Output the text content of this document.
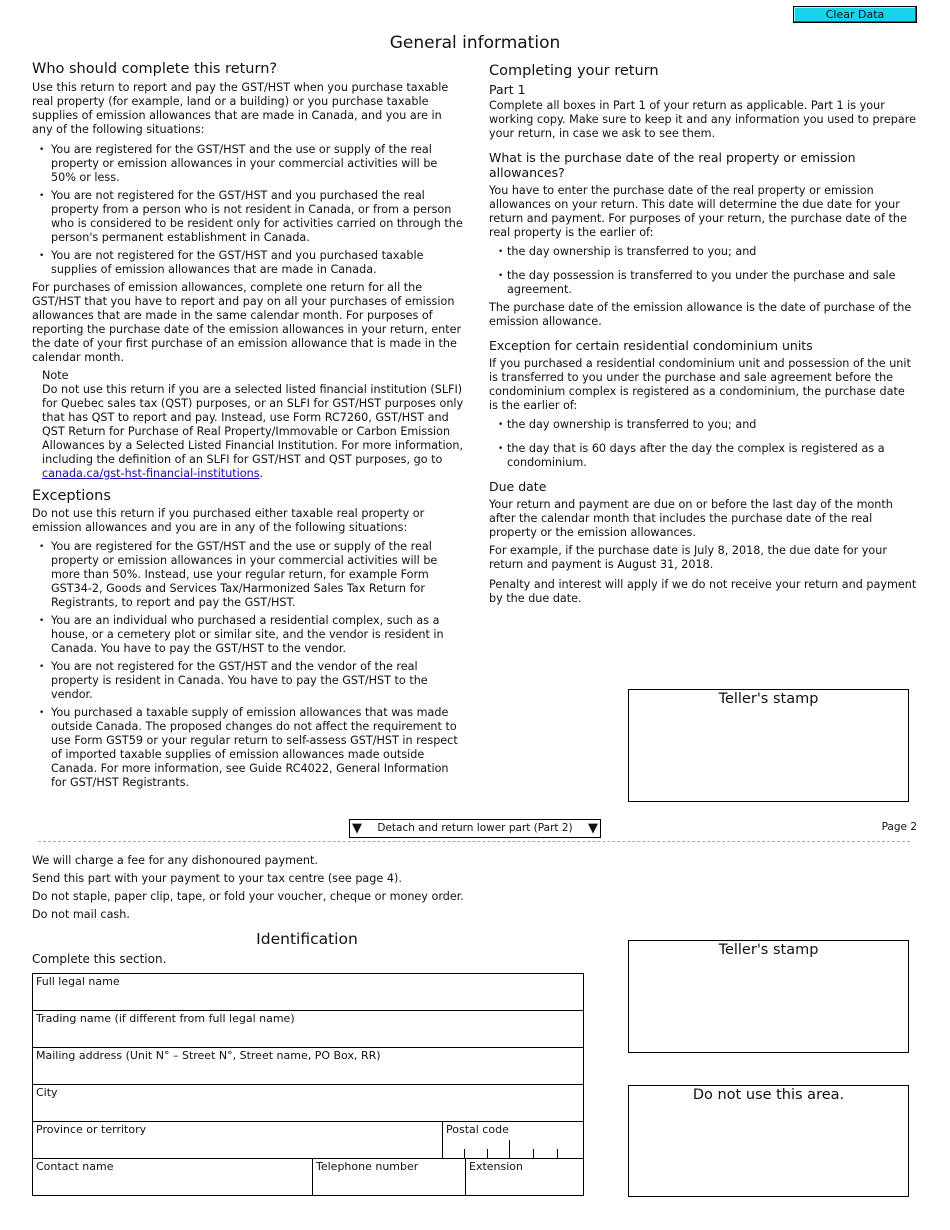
Clear Data
General information
Who should complete this return?

Use this return to report and pay the GST/HST when you purchase taxable real property (for example, land or a building) or you purchase taxable supplies of emission allowances that are made in Canada, and you are in any of the following situations:

• You are registered for the GST/HST and the use or supply of the real property or emission allowances in your commercial activities will be 50% or less.
• You are not registered for the GST/HST and you purchased the real property from a person who is not resident in Canada, or from a person who is considered to be resident only for activities carried on through the person's permanent establishment in Canada.
• You are not registered for the GST/HST and you purchased taxable supplies of emission allowances that are made in Canada.

For purchases of emission allowances, complete one return for all the GST/HST that you have to report and pay on all your purchases of emission allowances that are made in the same calendar month. For purposes of reporting the purchase date of the emission allowances in your return, enter the date of your first purchase of an emission allowance that is made in the calendar month.

Note

Do not use this return if you are a selected listed financial institution (SLFI) for Quebec sales tax (QST) purposes, or an SLFI for GST/HST purposes only that has QST to report and pay. Instead, use Form RC7260, GST/HST and QST Return for Purchase of Real Property/Immovable or Carbon Emission Allowances by a Selected Listed Financial Institution. For more information, including the definition of an SLFI for GST/HST and QST purposes, go to canada.ca/gst-hst-financial-institutions.

Exceptions

Do not use this return if you purchased either taxable real property or emission allowances and you are in any of the following situations:

• You are registered for the GST/HST and the use or supply of the real property or emission allowances in your commercial activities will be more than 50%. Instead, use your regular return, for example Form GST34-2, Goods and Services Tax/Harmonized Sales Tax Return for Registrants, to report and pay the GST/HST.
• You are an individual who purchased a residential complex, such as a house, or a cemetery plot or similar site, and the vendor is resident in Canada. You have to pay the GST/HST to the vendor.
• You are not registered for the GST/HST and the vendor of the real property is resident in Canada. You have to pay the GST/HST to the vendor.
• You purchased a taxable supply of emission allowances that was made outside Canada. The proposed changes do not affect the requirement to use Form GST59 or your regular return to self-assess GST/HST in respect of imported taxable supplies of emission allowances made outside Canada. For more information, see Guide RC4022, General Information for GST/HST Registrants.
Completing your return
Part 1

Complete all boxes in Part 1 of your return as applicable. Part 1 is your working copy. Make sure to keep it and any information you used to prepare your return, in case we ask to see them.

What is the purchase date of the real property or emission allowances?

You have to enter the purchase date of the real property or emission allowances on your return. This date will determine the due date for your return and payment. For purposes of your return, the purchase date of the real property is the earlier of:

• the day ownership is transferred to you; and
• the day possession is transferred to you under the purchase and sale agreement.

The purchase date of the emission allowance is the date of purchase of the emission allowance.

Exception for certain residential condominium units

If you purchased a residential condominium unit and possession of the unit is transferred to you under the purchase and sale agreement before the condominium complex is registered as a condominium, the purchase date is the earlier of:

• the day ownership is transferred to you; and
• the day that is 60 days after the day the complex is registered as a condominium.
Due date

Your return and payment are due on or before the last day of the month after the calendar month that includes the purchase date of the real property or the emission allowances.

For example, if the purchase date is July 8, 2018, the due date for your return and payment is August 31, 2018.

Penalty and interest will apply if we do not receive your return and payment by the due date.

Teller's stamp
▼ Detach and return lower part (Part 2) ▼	Page 2

We will charge a fee for any dishonoured payment.

Send this part with your payment to your tax centre (see page 4).

Do not staple, paper clip, tape, or fold your voucher, cheque or money order.

Do not mail cash.

Identification
Complete this section.
Full legal name
Trading name (if different from full legal name)
Mailing address (Unit N° – Street N°, Street name, PO Box, RR)
City
Province or territory	Postal code
Contact name	Telephone number	Extension
Teller's stamp
Do not use this area.
